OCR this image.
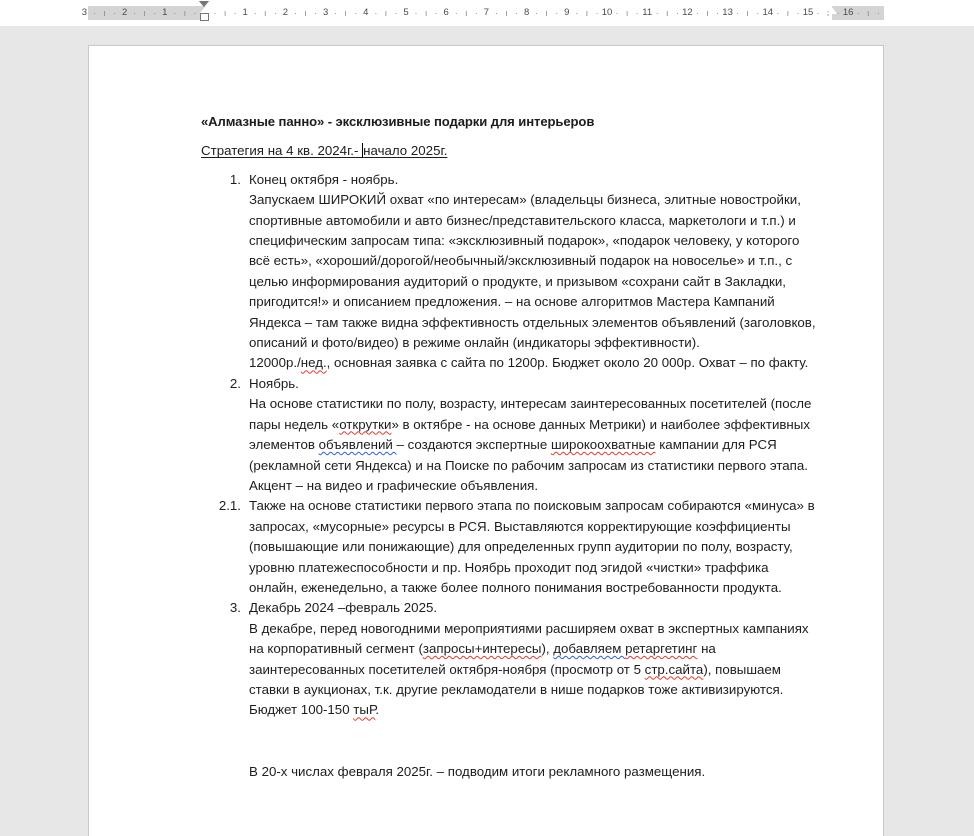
3	2	1	1	2	3	4	5	6	7	8	9	10	11	12	13	14	15	16
· ı ·	· ı ·	· ı ·	· ı ·	· ı ·	· ı ·	· ı ·	· ı ·	· ı ·	· ı ·	· ı ·	· ı ·	· ı ·	· ı ·	· ı ·	· ı ·	· ı ·	· ı ·	· ı ·	· ı ·

«Алмазные панно» - эксклюзивные подарки для интерьеров

Стратегия на 4 кв. 2024г.- начало 2025г.

1. Конец октября - ноябрь.
Запускаем ШИРОКИЙ охват «по интересам» (владельцы бизнеса, элитные новостройки,
спортивные автомобили и авто бизнес/представительского класса, маркетологи и т.п.) и
специфическим запросам типа: «эксклюзивный подарок», «подарок человеку, у которого
всё есть», «хороший/дорогой/необычный/эксклюзивный подарок на новоселье» и т.п., с
целью информирования аудиторий о продукте, и призывом «сохрани сайт в Закладки,
пригодится!» и описанием предложения. – на основе алгоритмов Мастера Кампаний
Яндекса – там также видна эффективность отдельных элементов объявлений (заголовков,
описаний и фото/видео) в режиме онлайн (индикаторы эффективности).
12000р./нед., основная заявка с сайта по 1200р. Бюджет около 20 000р. Охват – по факту.
2. Ноябрь.
На основе статистики по полу, возрасту, интересам заинтересованных посетителей (после
пары недель «открутки» в октябре - на основе данных Метрики) и наиболее эффективных
элементов объявлений – создаются экспертные широкоохватные кампании для РСЯ
(рекламной сети Яндекса) и на Поиске по рабочим запросам из статистики первого этапа.
Акцент – на видео и графические объявления.
2.1. Также на основе статистики первого этапа по поисковым запросам собираются «минуса» в
запросах, «мусорные» ресурсы в РСЯ. Выставляются корректирующие коэффициенты
(повышающие или понижающие) для определенных групп аудитории по полу, возрасту,
уровню платежеспособности и пр. Ноябрь проходит под эгидой «чистки» траффика
онлайн, еженедельно, а также более полного понимания востребованности продукта.
3. Декабрь 2024 –февраль 2025.
В декабре, перед новогодними мероприятиями расширяем охват в экспертных кампаниях
на корпоративный сегмент (запросы+интересы), добавляем ретаргетинг на
заинтересованных посетителей октября-ноября (просмотр от 5 стр.сайта), повышаем
ставки в аукционах, т.к. другие рекламодатели в нише подарков тоже активизируются.
Бюджет 100-150 тыР.

В 20-х числах февраля 2025г. – подводим итоги рекламного размещения.
